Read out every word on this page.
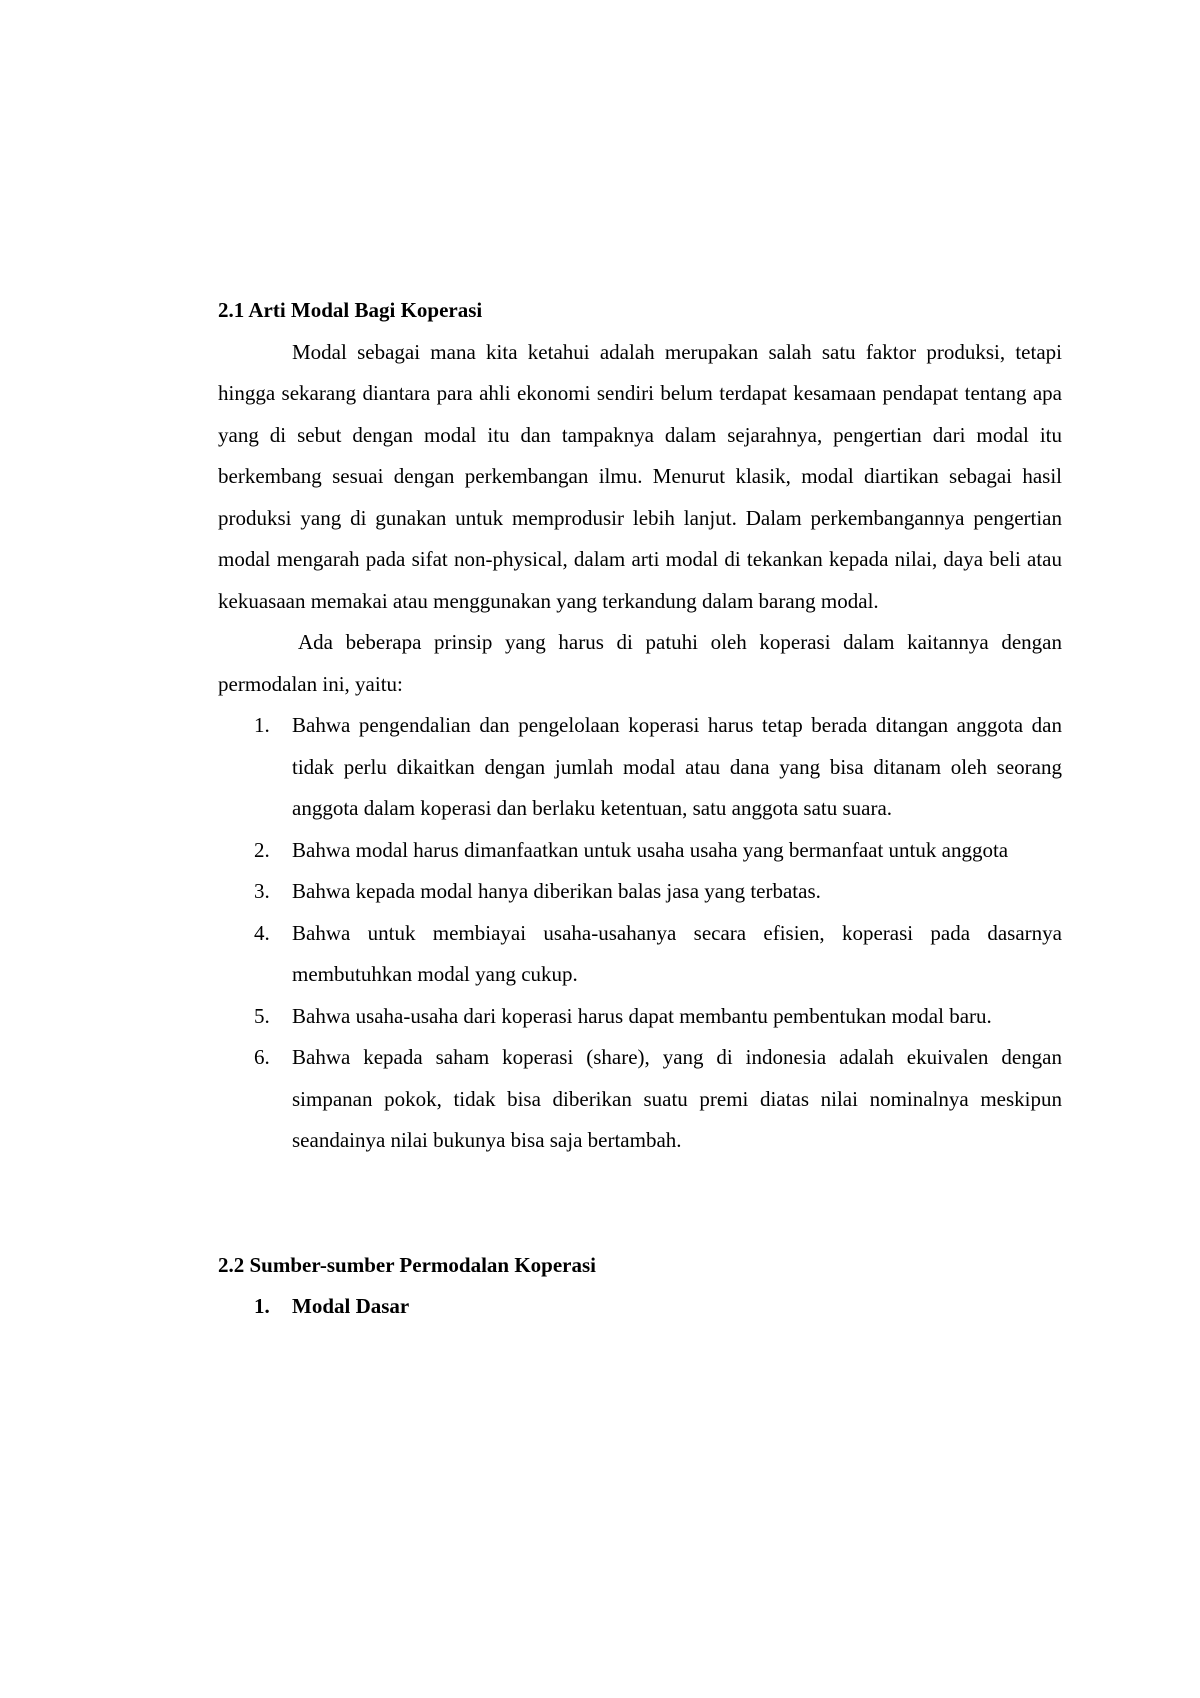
2.1 Arti Modal Bagi Koperasi

Modal sebagai mana kita ketahui adalah merupakan salah satu faktor produksi, tetapi hingga sekarang diantara para ahli ekonomi sendiri belum terdapat kesamaan pendapat tentang apa yang di sebut dengan modal itu dan tampaknya dalam sejarahnya, pengertian dari modal itu berkembang sesuai dengan perkembangan ilmu. Menurut klasik, modal diartikan sebagai hasil produksi yang di gunakan untuk memprodusir lebih lanjut. Dalam perkembangannya pengertian modal mengarah pada sifat non-physical, dalam arti modal di tekankan kepada nilai, daya beli atau kekuasaan memakai atau menggunakan yang terkandung dalam barang modal.

Ada beberapa prinsip yang harus di patuhi oleh koperasi dalam kaitannya dengan permodalan ini, yaitu:

1. Bahwa pengendalian dan pengelolaan koperasi harus tetap berada ditangan anggota dan tidak perlu dikaitkan dengan jumlah modal atau dana yang bisa ditanam oleh seorang anggota dalam koperasi dan berlaku ketentuan, satu anggota satu suara.
2. Bahwa modal harus dimanfaatkan untuk usaha usaha yang bermanfaat untuk anggota
3. Bahwa kepada modal hanya diberikan balas jasa yang terbatas.
4. Bahwa untuk membiayai usaha-usahanya secara efisien, koperasi pada dasarnya membutuhkan modal yang cukup.
5. Bahwa usaha-usaha dari koperasi harus dapat membantu pembentukan modal baru.
6. Bahwa kepada saham koperasi (share), yang di indonesia adalah ekuivalen dengan simpanan pokok, tidak bisa diberikan suatu premi diatas nilai nominalnya meskipun seandainya nilai bukunya bisa saja bertambah.
2.2 Sumber-sumber Permodalan Koperasi
1. Modal Dasar
